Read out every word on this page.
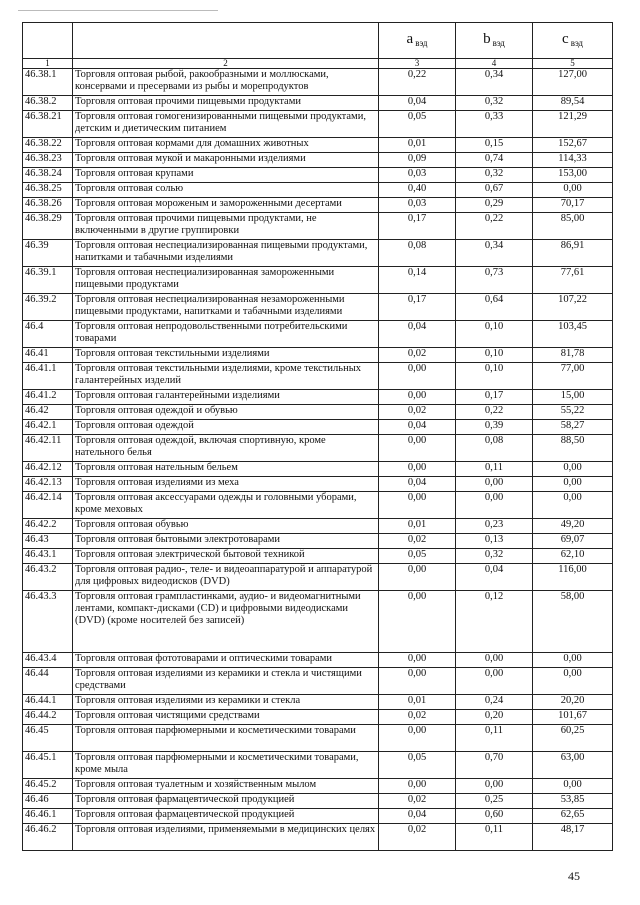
		a $_{вэд}$	b $_{вэд}$	c $_{вэд}$
1	2	3	4	5
46.38.1	Торговля оптовая рыбой, ракообразными и моллюсками, консервами и пресервами из рыбы и морепродуктов	0,22	0,34	127,00
46.38.2	Торговля оптовая прочими пищевыми продуктами	0,04	0,32	89,54
46.38.21	Торговля оптовая гомогенизированными пищевыми продуктами, детским и диетическим питанием	0,05	0,33	121,29
46.38.22	Торговля оптовая кормами для домашних животных	0,01	0,15	152,67
46.38.23	Торговля оптовая мукой и макаронными изделиями	0,09	0,74	114,33
46.38.24	Торговля оптовая крупами	0,03	0,32	153,00
46.38.25	Торговля оптовая солью	0,40	0,67	0,00
46.38.26	Торговля оптовая мороженым и замороженными десертами	0,03	0,29	70,17
46.38.29	Торговля оптовая прочими пищевыми продуктами, не включенными в другие группировки	0,17	0,22	85,00
46.39	Торговля оптовая неспециализированная пищевыми продуктами, напитками и табачными изделиями	0,08	0,34	86,91
46.39.1	Торговля оптовая неспециализированная замороженными пищевыми продуктами	0,14	0,73	77,61
46.39.2	Торговля оптовая неспециализированная незамороженными пищевыми продуктами, напитками и табачными изделиями	0,17	0,64	107,22
46.4	Торговля оптовая непродовольственными потребительскими товарами	0,04	0,10	103,45
46.41	Торговля оптовая текстильными изделиями	0,02	0,10	81,78
46.41.1	Торговля оптовая текстильными изделиями, кроме текстильных галантерейных изделий	0,00	0,10	77,00
46.41.2	Торговля оптовая галантерейными изделиями	0,00	0,17	15,00
46.42	Торговля оптовая одеждой и обувью	0,02	0,22	55,22
46.42.1	Торговля оптовая одеждой	0,04	0,39	58,27
46.42.11	Торговля оптовая одеждой, включая спортивную, кроме нательного белья	0,00	0,08	88,50
46.42.12	Торговля оптовая нательным бельем	0,00	0,11	0,00
46.42.13	Торговля оптовая изделиями из меха	0,04	0,00	0,00
46.42.14	Торговля оптовая аксессуарами одежды и головными уборами, кроме меховых	0,00	0,00	0,00
46.42.2	Торговля оптовая обувью	0,01	0,23	49,20
46.43	Торговля оптовая бытовыми электротоварами	0,02	0,13	69,07
46.43.1	Торговля оптовая электрической бытовой техникой	0,05	0,32	62,10
46.43.2	Торговля оптовая радио-, теле- и видеоаппаратурой и аппаратурой для цифровых видеодисков (DVD)	0,00	0,04	116,00
46.43.3	Торговля оптовая грампластинками, аудио- и видеомагнитными лентами, компакт-дисками (CD) и цифровыми видеодисками (DVD) (кроме носителей без записей)	0,00	0,12	58,00
46.43.4	Торговля оптовая фототоварами и оптическими товарами	0,00	0,00	0,00
46.44	Торговля оптовая изделиями из керамики и стекла и чистящими средствами	0,00	0,00	0,00
46.44.1	Торговля оптовая изделиями из керамики и стекла	0,01	0,24	20,20
46.44.2	Торговля оптовая чистящими средствами	0,02	0,20	101,67
46.45	Торговля оптовая парфюмерными и косметическими товарами	0,00	0,11	60,25
46.45.1	Торговля оптовая парфюмерными и косметическими товарами, кроме мыла	0,05	0,70	63,00
46.45.2	Торговля оптовая туалетным и хозяйственным мылом	0,00	0,00	0,00
46.46	Торговля оптовая фармацевтической продукцией	0,02	0,25	53,85
46.46.1	Торговля оптовая фармацевтической продукцией	0,04	0,60	62,65
46.46.2	Торговля оптовая изделиями, применяемыми в медицинских целях	0,02	0,11	48,17
45
